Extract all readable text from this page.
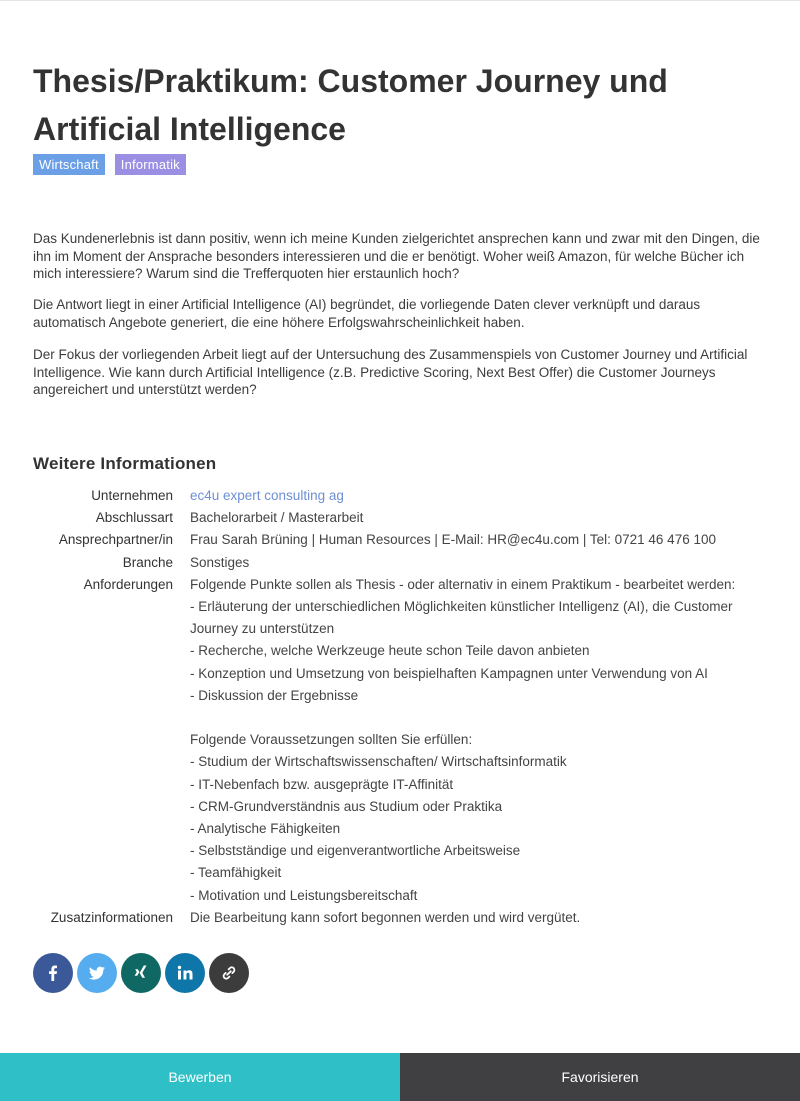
Thesis/Praktikum: Customer Journey und Artificial Intelligence
Wirtschaft	Informatik

Das Kundenerlebnis ist dann positiv, wenn ich meine Kunden zielgerichtet ansprechen kann und zwar mit den Dingen, die ihn im Moment der Ansprache besonders interessieren und die er benötigt. Woher weiß Amazon, für welche Bücher ich mich interessiere? Warum sind die Trefferquoten hier erstaunlich hoch?

Die Antwort liegt in einer Artificial Intelligence (AI) begründet, die vorliegende Daten clever verknüpft und daraus automatisch Angebote generiert, die eine höhere Erfolgswahrscheinlichkeit haben.

Der Fokus der vorliegenden Arbeit liegt auf der Untersuchung des Zusammenspiels von Customer Journey und Artificial Intelligence. Wie kann durch Artificial Intelligence (z.B. Predictive Scoring, Next Best Offer) die Customer Journeys angereichert und unterstützt werden?

Weitere Informationen
Unternehmen ec4u expert consulting ag
Abschlussart Bachelorarbeit / Masterarbeit
Ansprechpartner/in Frau Sarah Brüning | Human Resources | E-Mail: HR@ec4u.com | Tel: 0721 46 476 100
Branche Sonstiges
Anforderungen Folgende Punkte sollen als Thesis - oder alternativ in einem Praktikum - bearbeitet werden:
- Erläuterung der unterschiedlichen Möglichkeiten künstlicher Intelligenz (AI), die Customer Journey zu unterstützen
- Recherche, welche Werkzeuge heute schon Teile davon anbieten
- Konzeption und Umsetzung von beispielhaften Kampagnen unter Verwendung von AI
- Diskussion der Ergebnisse
Folgende Voraussetzungen sollten Sie erfüllen:
- Studium der Wirtschaftswissenschaften/ Wirtschaftsinformatik
- IT-Nebenfach bzw. ausgeprägte IT-Affinität
- CRM-Grundverständnis aus Studium oder Praktika
- Analytische Fähigkeiten
- Selbstständige und eigenverantwortliche Arbeitsweise
- Teamfähigkeit
- Motivation und Leistungsbereitschaft
Zusatzinformationen Die Bearbeitung kann sofort begonnen werden und wird vergütet.
Bewerben	Favorisieren
